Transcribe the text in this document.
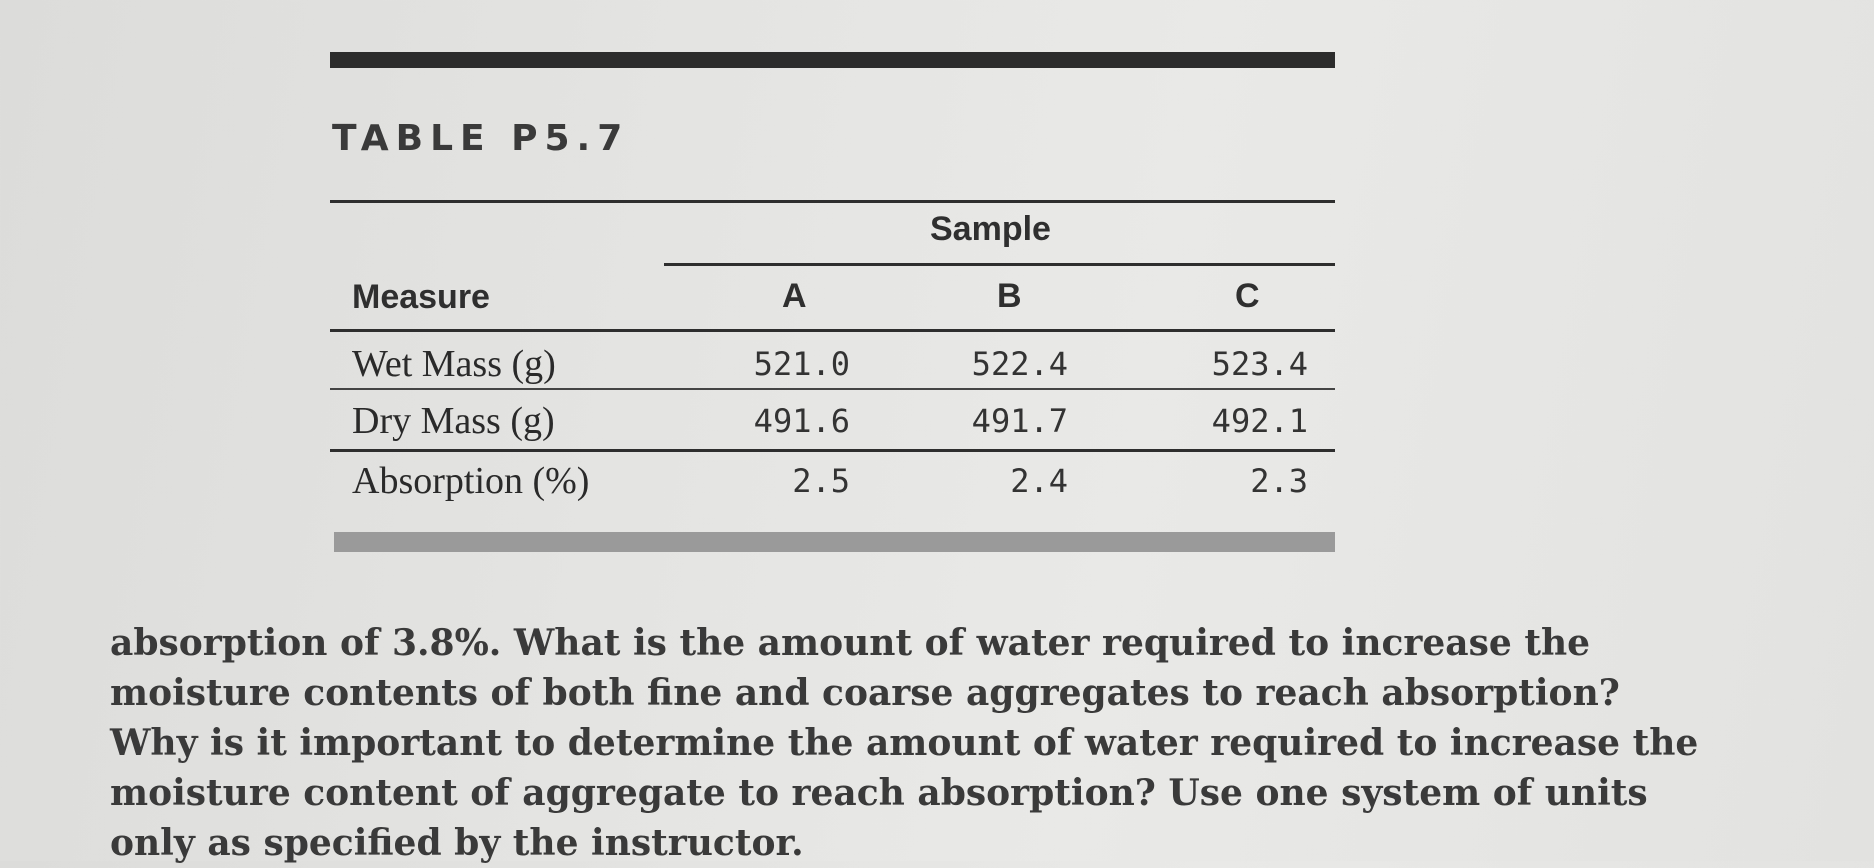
TABLE P5.7
Sample
Measure	A	B	C
Wet Mass (g)	521.0	522.4	523.4
Dry Mass (g)	491.6	491.7	492.1
Absorption (%)	2.5	2.4	2.3
absorption of 3.8%. What is the amount of water required to increase the
moisture contents of both fine and coarse aggregates to reach absorption?
Why is it important to determine the amount of water required to increase the
moisture content of aggregate to reach absorption? Use one system of units
only as specified by the instructor.
